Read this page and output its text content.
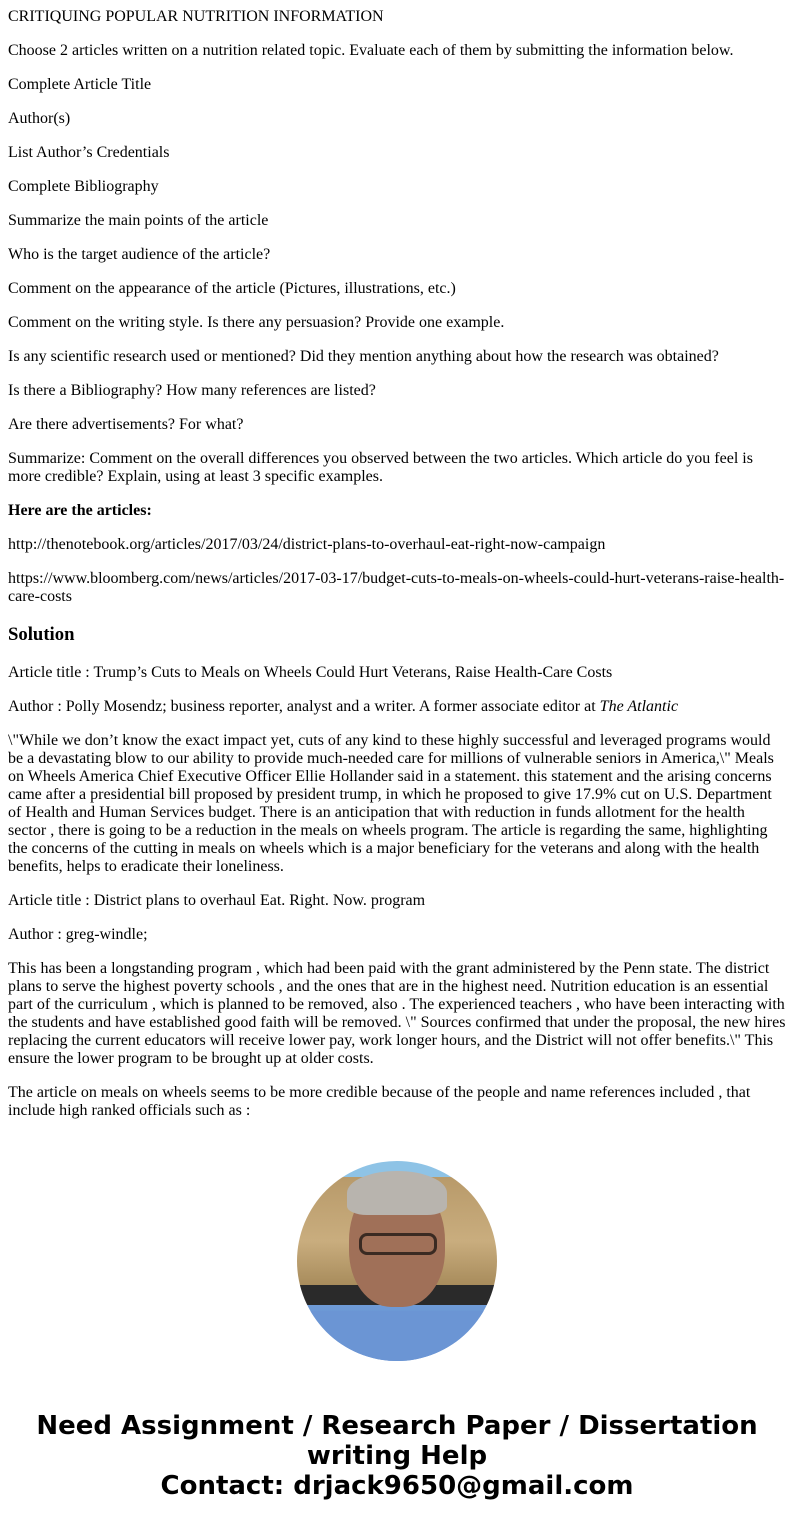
CRITIQUING POPULAR NUTRITION INFORMATION

Choose 2 articles written on a nutrition related topic. Evaluate each of them by submitting the information below.

Complete Article Title

Author(s)

List Author’s Credentials

Complete Bibliography

Summarize the main points of the article

Who is the target audience of the article?

Comment on the appearance of the article (Pictures, illustrations, etc.)

Comment on the writing style. Is there any persuasion? Provide one example.

Is any scientific research used or mentioned? Did they mention anything about how the research was obtained?

Is there a Bibliography? How many references are listed?

Are there advertisements? For what?

Summarize: Comment on the overall differences you observed between the two articles. Which article do you feel is more credible? Explain, using at least 3 specific examples.

Here are the articles:

http://thenotebook.org/articles/2017/03/24/district-plans-to-overhaul-eat-right-now-campaign

https://www.bloomberg.com/news/articles/2017-03-17/budget-cuts-to-meals-on-wheels-could-hurt-veterans-raise-health-care-costs

Solution

Article title : Trump’s Cuts to Meals on Wheels Could Hurt Veterans, Raise Health-Care Costs

Author : Polly Mosendz; business reporter, analyst and a writer. A former associate editor at The Atlantic

\"While we don’t know the exact impact yet, cuts of any kind to these highly successful and leveraged programs would be a devastating blow to our ability to provide much-needed care for millions of vulnerable seniors in America,\" Meals on Wheels America Chief Executive Officer Ellie Hollander said in a statement. this statement and the arising concerns came after a presidential bill proposed by president trump, in which he proposed to give 17.9% cut on U.S. Department of Health and Human Services budget. There is an anticipation that with reduction in funds allotment for the health sector , there is going to be a reduction in the meals on wheels program. The article is regarding the same, highlighting the concerns of the cutting in meals on wheels which is a major beneficiary for the veterans and along with the health benefits, helps to eradicate their loneliness.

Article title : District plans to overhaul Eat. Right. Now. program

Author : greg-windle;

This has been a longstanding program , which had been paid with the grant administered by the Penn state. The district plans to serve the highest poverty schools , and the ones that are in the highest need. Nutrition education is an essential part of the curriculum , which is planned to be removed, also . The experienced teachers , who have been interacting with the students and have established good faith will be removed. \" Sources confirmed that under the proposal, the new hires replacing the current educators will receive lower pay, work longer hours, and the District will not offer benefits.\" This ensure the lower program to be brought up at older costs.

The article on meals on wheels seems to be more credible because of the people and name references included , that include high ranked officials such as :

Need Assignment / Research Paper / Dissertation
writing Help
Contact: drjack9650@gmail.com
